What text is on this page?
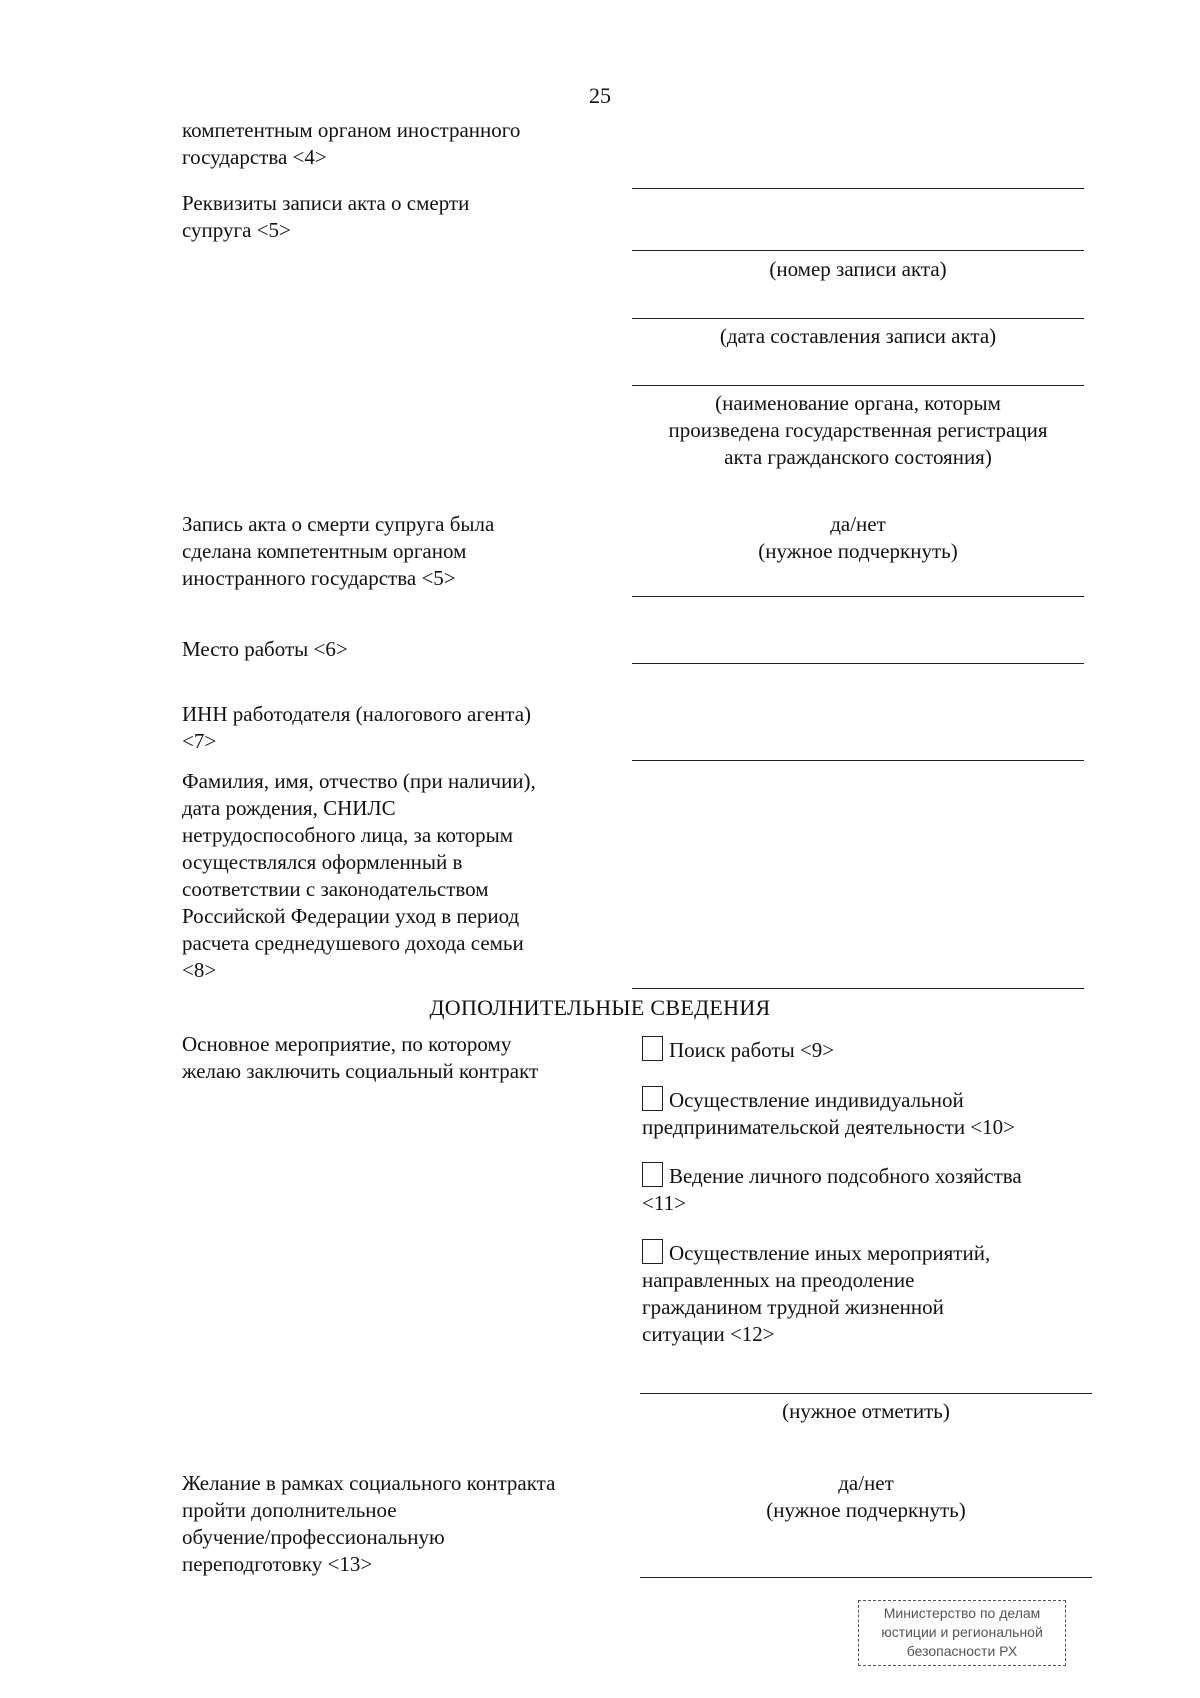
25
компетентным органом иностранного
государства <4>
Реквизиты записи акта о смерти
супруга <5>
(номер записи акта)
(дата составления записи акта)
(наименование органа, которым
произведена государственная регистрация
акта гражданского состояния)
Запись акта о смерти супруга была
сделана компетентным органом
иностранного государства <5>
да/нет
(нужное подчеркнуть)
Место работы <6>
ИНН работодателя (налогового агента)
<7>
Фамилия, имя, отчество (при наличии),
дата рождения, СНИЛС
нетрудоспособного лица, за которым
осуществлялся оформленный в
соответствии с законодательством
Российской Федерации уход в период
расчета среднедушевого дохода семьи
<8>
ДОПОЛНИТЕЛЬНЫЕ СВЕДЕНИЯ
Основное мероприятие, по которому
желаю заключить социальный контракт
Поиск работы <9>
Осуществление индивидуальной
предпринимательской деятельности <10>
Ведение личного подсобного хозяйства
<11>
Осуществление иных мероприятий,
направленных на преодоление
гражданином трудной жизненной
ситуации <12>
(нужное отметить)
Желание в рамках социального контракта
пройти дополнительное
обучение/профессиональную
переподготовку <13>
да/нет
(нужное подчеркнуть)
Министерство по делам
юстиции и региональной
безопасности РХ
